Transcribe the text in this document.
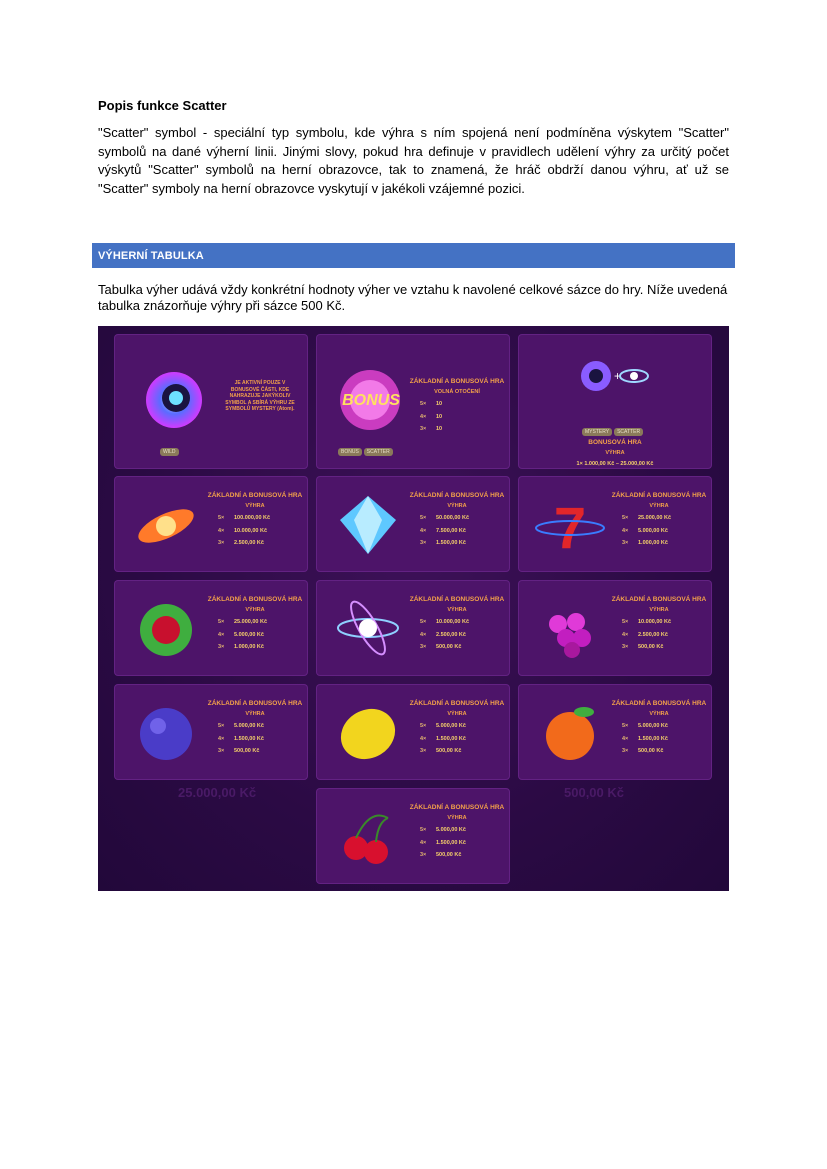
Popis funkce Scatter
"Scatter" symbol - speciální typ symbolu, kde výhra s ním spojená není podmíněna výskytem "Scatter" symbolů na dané výherní linii. Jinými slovy, pokud hra definuje v pravidlech udělení výhry za určitý počet výskytů "Scatter" symbolů na herní obrazovce, tak to znamená, že hráč obdrží danou výhru, ať už se "Scatter" symboly na herní obrazovce vyskytují v jakékoli vzájemné pozici.
VÝHERNÍ TABULKA
Tabulka výher udává vždy konkrétní hodnoty výher ve vztahu k navolené celkové sázce do hry. Níže uvedená tabulka znázorňuje výhry při sázce 500 Kč.
JE AKTIVNÍ POUZE V BONUSOVÉ ČÁSTI, KDE NAHRAZUJE JAKÝKOLIV SYMBOL A SBÍRÁ VÝHRU ZE SYMBOLŮ MYSTERY (Atom).
WILD
BONUS
BONUS SCATTER
ZÁKLADNÍ A BONUSOVÁ HRA
VOLNÁ OTOČENÍ
5× 10
4× 10
3× 10
+
MYSTERY SCATTER
BONUSOVÁ HRA
VÝHRA
1× 1.000,00 Kč – 25.000,00 Kč
ZÁKLADNÍ A BONUSOVÁ HRA
VÝHRA
5× 100.000,00 Kč
4× 10.000,00 Kč
3× 2.500,00 Kč
ZÁKLADNÍ A BONUSOVÁ HRA
VÝHRA
5× 50.000,00 Kč
4× 7.500,00 Kč
3× 1.500,00 Kč	7
ZÁKLADNÍ A BONUSOVÁ HRA
VÝHRA
5× 25.000,00 Kč
4× 5.000,00 Kč
3× 1.000,00 Kč
ZÁKLADNÍ A BONUSOVÁ HRA
VÝHRA
5× 25.000,00 Kč
4× 5.000,00 Kč
3× 1.000,00 Kč
ZÁKLADNÍ A BONUSOVÁ HRA
VÝHRA
5× 10.000,00 Kč
4× 2.500,00 Kč
3× 500,00 Kč
ZÁKLADNÍ A BONUSOVÁ HRA
VÝHRA
5× 10.000,00 Kč
4× 2.500,00 Kč
3× 500,00 Kč
ZÁKLADNÍ A BONUSOVÁ HRA
VÝHRA
5× 5.000,00 Kč
4× 1.500,00 Kč
3× 500,00 Kč
ZÁKLADNÍ A BONUSOVÁ HRA
VÝHRA
5× 5.000,00 Kč
4× 1.500,00 Kč
3× 500,00 Kč
ZÁKLADNÍ A BONUSOVÁ HRA
VÝHRA
5× 5.000,00 Kč
4× 1.500,00 Kč
3× 500,00 Kč
ZÁKLADNÍ A BONUSOVÁ HRA
VÝHRA
5× 5.000,00 Kč
4× 1.500,00 Kč
3× 500,00 Kč
25.000,00 Kč	500,00 Kč
